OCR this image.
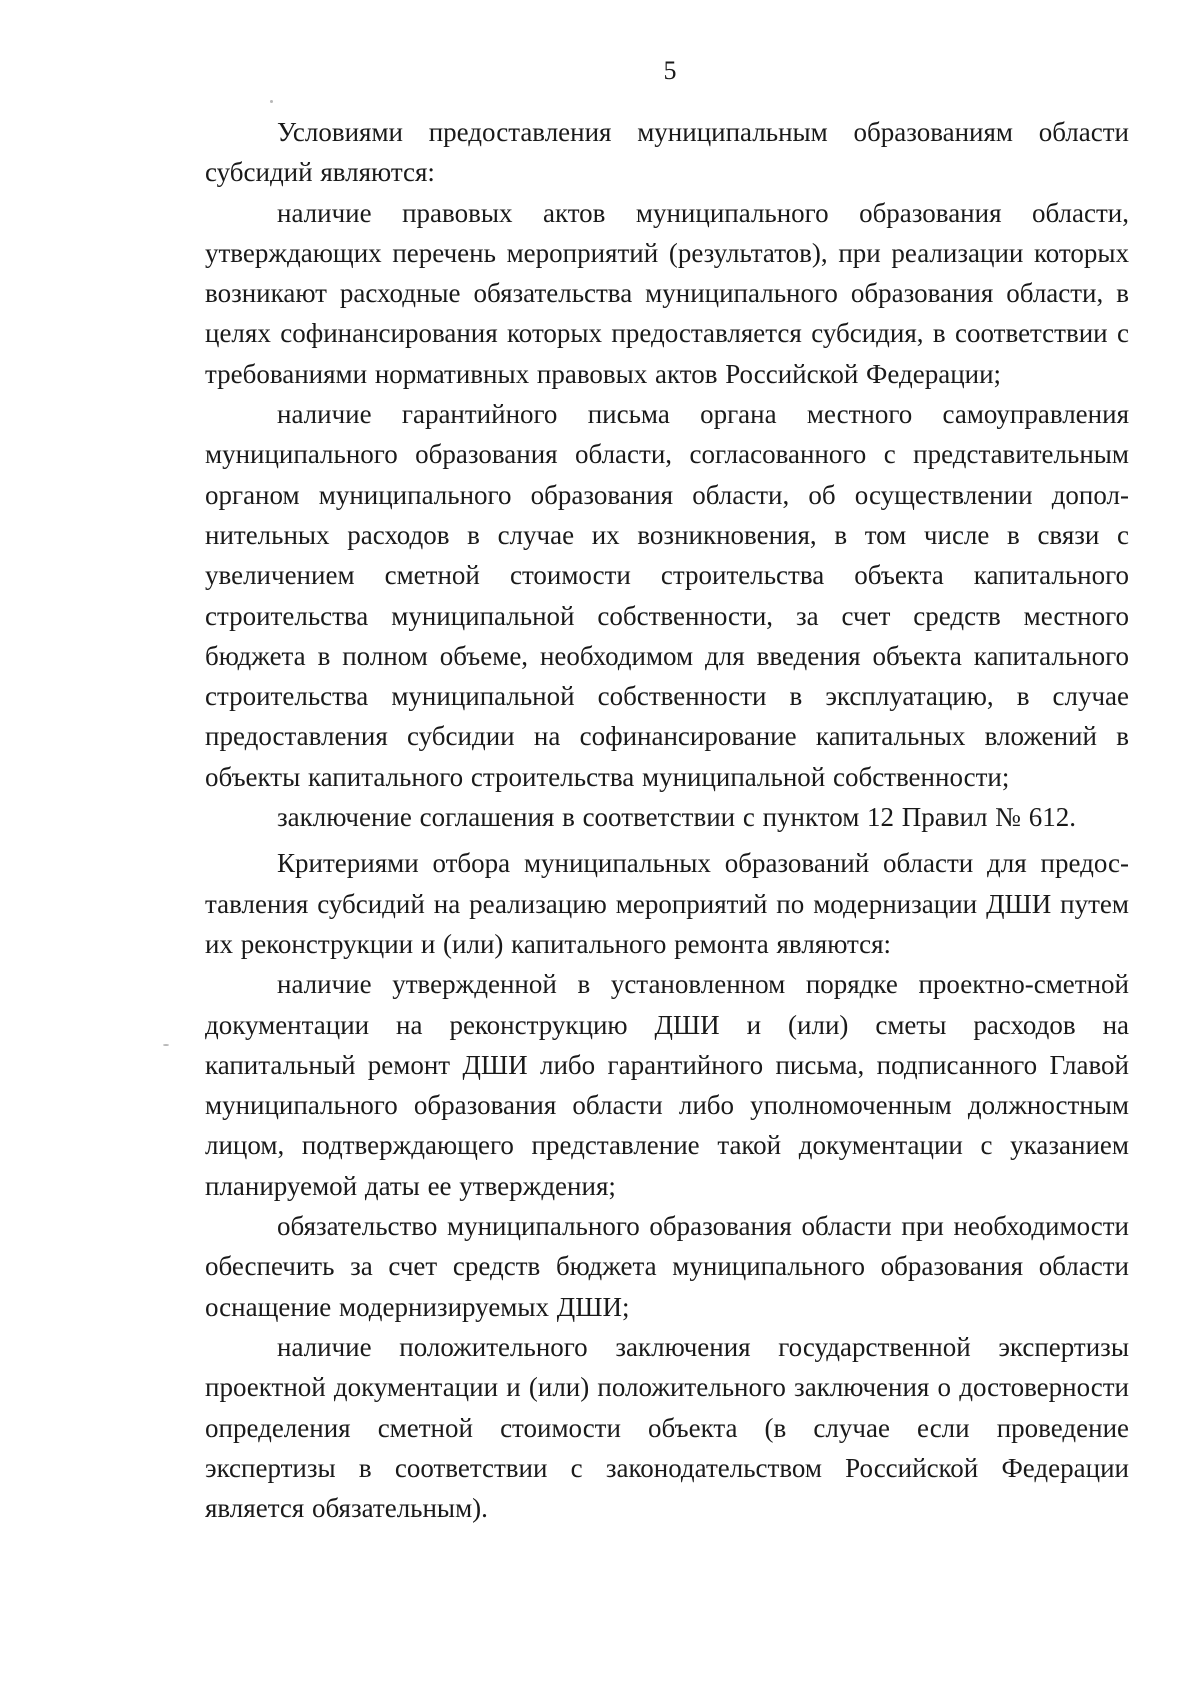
5

Условиями предоставления муниципальным образованиям области субсидий являются:

наличие правовых актов муниципального образования области, утверждающих перечень мероприятий (результатов), при реализации которых возникают расходные обязательства муниципального образования области, в целях софинансирования которых предоставляется субсидия, в соответствии с требованиями нормативных правовых актов Российской Федерации;

наличие гарантийного письма органа местного самоуправления муниципального образования области, согласованного с представительным органом муниципального образования области, об осуществлении дополнительных расходов в случае их возникновения, в том числе в связи с увеличением сметной стоимости строительства объекта капитального строительства муниципальной собственности, за счет средств местного бюджета в полном объеме, необходимом для введения объекта капитального строительства муниципальной собственности в эксплуатацию, в случае предоставления субсидии на софинансирование капитальных вложений в объекты капитального строительства муниципальной собственности;

заключение соглашения в соответствии с пунктом 12 Правил № 612.

Критериями отбора муниципальных образований области для предоставления субсидий на реализацию мероприятий по модернизации ДШИ путем их реконструкции и (или) капитального ремонта являются:

наличие утвержденной в установленном порядке проектно-сметной документации на реконструкцию ДШИ и (или) сметы расходов на капитальный ремонт ДШИ либо гарантийного письма, подписанного Главой муниципального образования области либо уполномоченным должностным лицом, подтверждающего представление такой документации с указанием планируемой даты ее утверждения;

обязательство муниципального образования области при необходимости обеспечить за счет средств бюджета муниципального образования области оснащение модернизируемых ДШИ;

наличие положительного заключения государственной экспертизы проектной документации и (или) положительного заключения о достоверности определения сметной стоимости объекта (в случае если проведение экспертизы в соответствии с законодательством Российской Федерации является обязательным).
